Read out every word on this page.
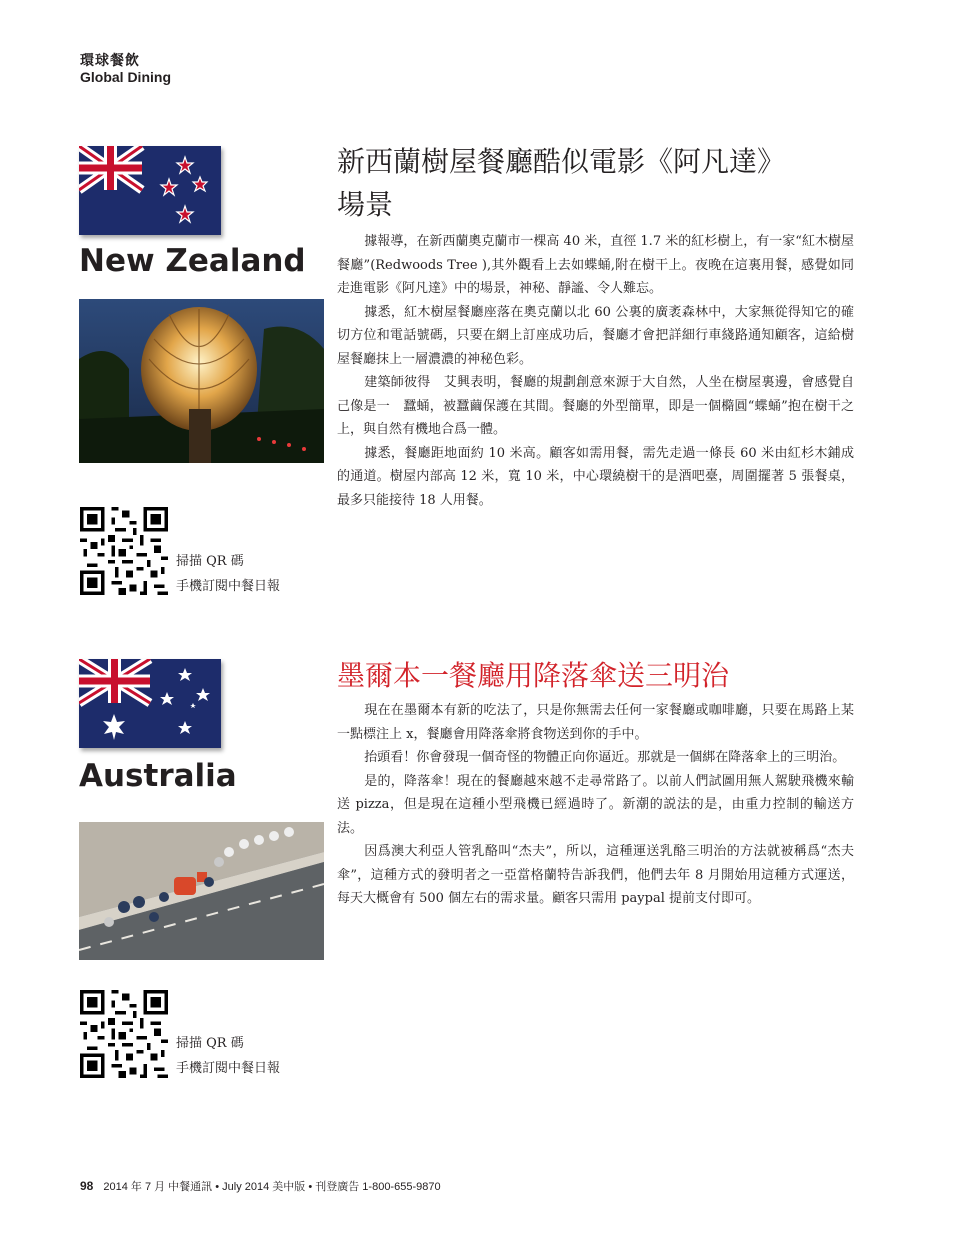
環球餐飲
Global Dining
New Zealand
掃描 QR 碼
手機訂閱中餐日報
新西蘭樹屋餐廳酷似電影《阿凡達》
場景

據報導，在新西蘭奧克蘭市一棵高 40 米，直徑 1.7 米的紅杉樹上，有一家“紅木樹屋餐廳”(Redwoods Tree ),其外觀看上去如蝶蛹,附在樹干上。夜晚在這裏用餐，感覺如同走進電影《阿凡達》中的場景，神秘、靜謐、令人難忘。

據悉，紅木樹屋餐廳座落在奧克蘭以北 60 公裏的廣袤森林中，大家無從得知它的確切方位和電話號碼，只要在網上訂座成功后，餐廳才會把詳細行車綫路通知顧客，這給樹屋餐廳抹上一層濃濃的神秘色彩。

建築師彼得　艾興表明，餐廳的規劃創意來源于大自然，人坐在樹屋裏邊，會感覺自己像是一　蠶蛹，被蠶繭保護在其間。餐廳的外型簡單，即是一個橢圓“蝶蛹”抱在樹干之上，與自然有機地合爲一體。

據悉，餐廳距地面約 10 米高。顧客如需用餐，需先走過一條長 60 米由紅杉木鋪成的通道。樹屋内部高 12 米，寬 10 米，中心環繞樹干的是酒吧臺，周圍擺著 5 張餐桌，最多只能接待 18 人用餐。

Australia
掃描 QR 碼
手機訂閱中餐日報
墨爾本一餐廳用降落傘送三明治

現在在墨爾本有新的吃法了，只是你無需去任何一家餐廳或咖啡廳，只要在馬路上某一點標注上 x，餐廳會用降落傘將食物送到你的手中。

抬頭看！你會發現一個奇怪的物體正向你逼近。那就是一個綁在降落傘上的三明治。

是的，降落傘！現在的餐廳越來越不走尋常路了。以前人們試圖用無人駕駛飛機來輸送 pizza，但是現在這種小型飛機已經過時了。新潮的説法的是，由重力控制的輸送方法。

因爲澳大利亞人管乳酪叫“杰夫”，所以，這種運送乳酪三明治的方法就被稱爲“杰夫傘”，這種方式的發明者之一亞當格蘭特告訴我們，他們去年 8 月開始用這種方式運送，每天大概會有 500 個左右的需求量。顧客只需用 paypal 提前支付即可。

98 2014 年 7 月 中餐通訊 • July 2014 美中版 • 刊登廣告 1-800-655-9870
